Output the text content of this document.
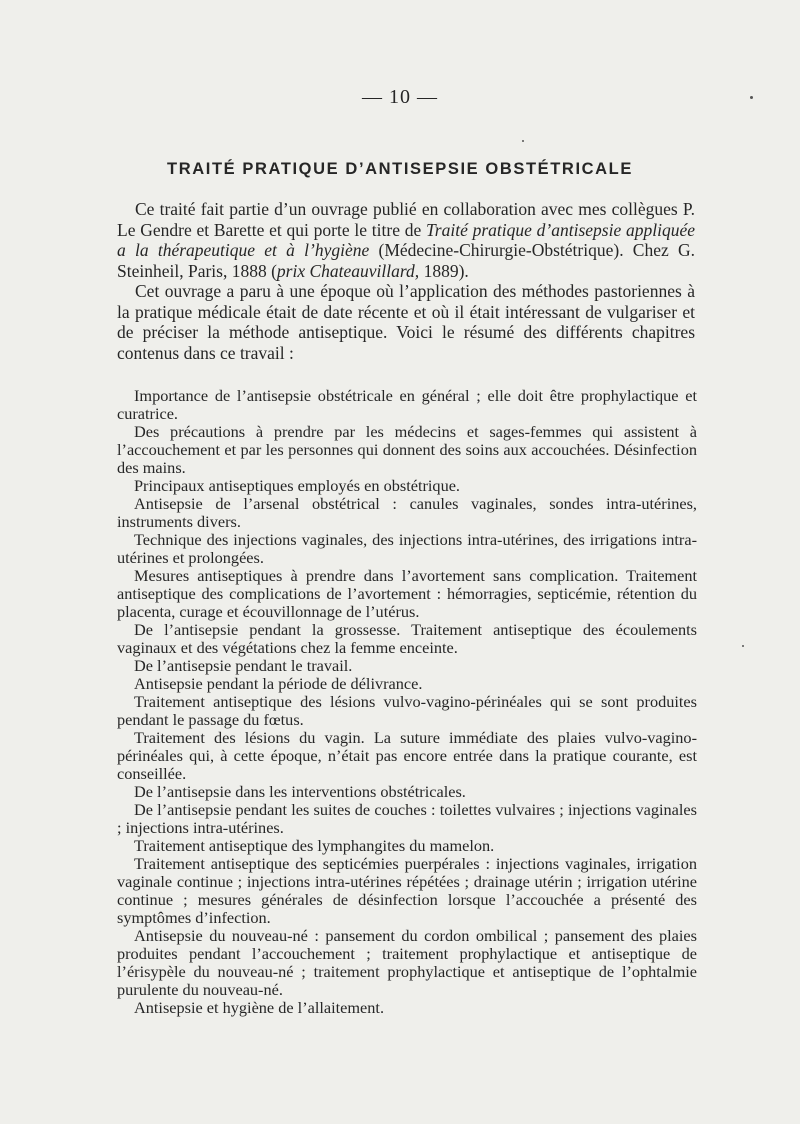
— 10 —
TRAITÉ PRATIQUE D’ANTISEPSIE OBSTÉTRICALE

Ce traité fait partie d’un ouvrage publié en collaboration avec mes collègues P. Le Gendre et Barette et qui porte le titre de Traité pratique d’antisepsie appliquée a la thérapeutique et à l’hygiène (Médecine-Chirurgie-Obstétrique). Chez G. Steinheil, Paris, 1888 (prix Chateauvillard, 1889).

Cet ouvrage a paru à une époque où l’application des méthodes pastoriennes à la pratique médicale était de date récente et où il était intéressant de vulgariser et de préciser la méthode antiseptique. Voici le résumé des différents chapitres contenus dans ce travail :

Importance de l’antisepsie obstétricale en général ; elle doit être prophylactique et curatrice.

Des précautions à prendre par les médecins et sages-femmes qui assistent à l’accouchement et par les personnes qui donnent des soins aux accouchées. Désinfection des mains.

Principaux antiseptiques employés en obstétrique.

Antisepsie de l’arsenal obstétrical : canules vaginales, sondes intra-utérines, instruments divers.

Technique des injections vaginales, des injections intra-utérines, des irrigations intra-utérines et prolongées.

Mesures antiseptiques à prendre dans l’avortement sans complication. Traitement antiseptique des complications de l’avortement : hémorragies, septicémie, rétention du placenta, curage et écouvillonnage de l’utérus.

De l’antisepsie pendant la grossesse. Traitement antiseptique des écoulements vaginaux et des végétations chez la femme enceinte.

De l’antisepsie pendant le travail.

Antisepsie pendant la période de délivrance.

Traitement antiseptique des lésions vulvo-vagino-périnéales qui se sont produites pendant le passage du fœtus.

Traitement des lésions du vagin. La suture immédiate des plaies vulvo-vagino-périnéales qui, à cette époque, n’était pas encore entrée dans la pratique courante, est conseillée.

De l’antisepsie dans les interventions obstétricales.

De l’antisepsie pendant les suites de couches : toilettes vulvaires ; injections vaginales ; injections intra-utérines.

Traitement antiseptique des lymphangites du mamelon.

Traitement antiseptique des septicémies puerpérales : injections vaginales, irrigation vaginale continue ; injections intra-utérines répétées ; drainage utérin ; irrigation utérine continue ; mesures générales de désinfection lorsque l’accouchée a présenté des symptômes d’infection.

Antisepsie du nouveau-né : pansement du cordon ombilical ; pansement des plaies produites pendant l’accouchement ; traitement prophylactique et antiseptique de l’érisypèle du nouveau-né ; traitement prophylactique et antiseptique de l’ophtalmie purulente du nouveau-né.

Antisepsie et hygiène de l’allaitement.
